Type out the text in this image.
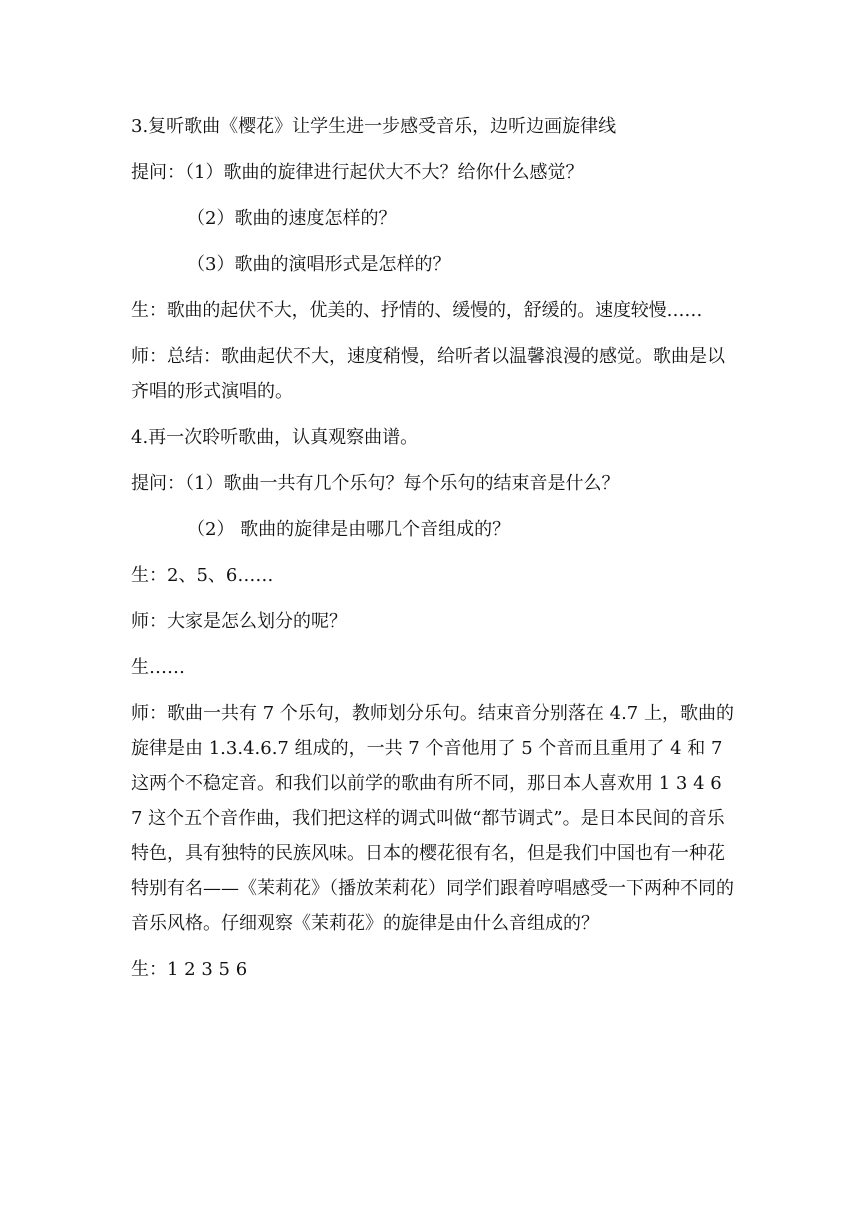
3.复听歌曲《樱花》让学生进一步感受音乐，边听边画旋律线

提问：（1）歌曲的旋律进行起伏大不大？给你什么感觉？

（2）歌曲的速度怎样的？

（3）歌曲的演唱形式是怎样的？

生：歌曲的起伏不大，优美的、抒情的、缓慢的，舒缓的。速度较慢……

师：总结：歌曲起伏不大，速度稍慢，给听者以温馨浪漫的感觉。歌曲是以齐唱的形式演唱的。

4.再一次聆听歌曲，认真观察曲谱。

提问：（1）歌曲一共有几个乐句？每个乐句的结束音是什么？

（2） 歌曲的旋律是由哪几个音组成的？

生：2、5、6……

师：大家是怎么划分的呢？

生……

师：歌曲一共有 7 个乐句，教师划分乐句。结束音分别落在 4.7 上，歌曲的旋律是由 1.3.4.6.7 组成的，一共 7 个音他用了 5 个音而且重用了 4 和 7 这两个不稳定音。和我们以前学的歌曲有所不同，那日本人喜欢用 1 3 4 6 7 这个五个音作曲，我们把这样的调式叫做“都节调式”。是日本民间的音乐特色，具有独特的民族风味。日本的樱花很有名，但是我们中国也有一种花特别有名——《茉莉花》（播放茉莉花）同学们跟着哼唱感受一下两种不同的音乐风格。仔细观察《茉莉花》的旋律是由什么音组成的？

生：1 2 3 5 6
